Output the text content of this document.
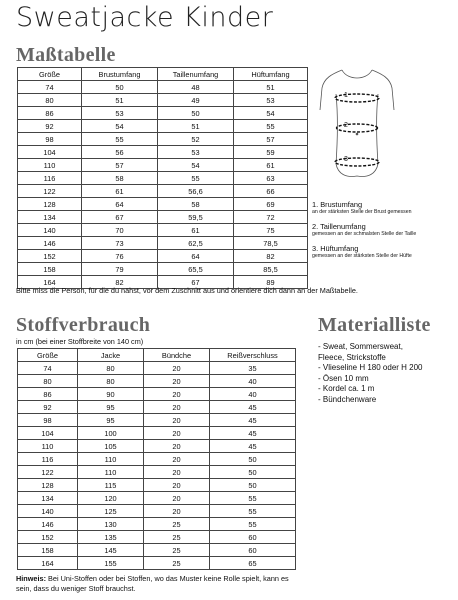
Sweatjacke Kinder
Maßtabelle
Größe	Brustumfang	Taillenumfang	Hüftumfang
74	50	48	51
80	51	49	53
86	53	50	54
92	54	51	55
98	55	52	57
104	56	53	59
110	57	54	61
116	58	55	63
122	61	56,6	66
128	64	58	69
134	67	59,5	72
140	70	61	75
146	73	62,5	78,5
152	76	64	82
158	79	65,5	85,5
164	82	67	89

Bitte miss die Person, für die du nähst, vor dem Zuschnitt aus und orientiere dich dann an der Maßtabelle.

1
2
3
1. Brustumfang
an der stärksten Stelle der Brust gemessen
2. Taillenumfang
gemessen an der schmalsten Stelle der Taille
3. Hüftumfang
gemessen an der stärksten Stelle der Hüfte
Stoffverbrauch

in cm (bei einer Stoffbreite von 140 cm)

Größe	Jacke	Bündche	Reißverschluss
74	80	20	35
80	80	20	40
86	90	20	40
92	95	20	45
98	95	20	45
104	100	20	45
110	105	20	45
116	110	20	50
122	110	20	50
128	115	20	50
134	120	20	55
140	125	20	55
146	130	25	55
152	135	25	60
158	145	25	60
164	155	25	65

Hinweis: Bei Uni-Stoffen oder bei Stoffen, wo das Muster keine Rolle spielt, kann es sein, dass du weniger Stoff brauchst.

Materialliste
- Sweat, Sommersweat,
Fleece, Strickstoffe
- Vlieseline H 180 oder H 200
- Ösen 10 mm
- Kordel ca. 1 m
- Bündchenware
